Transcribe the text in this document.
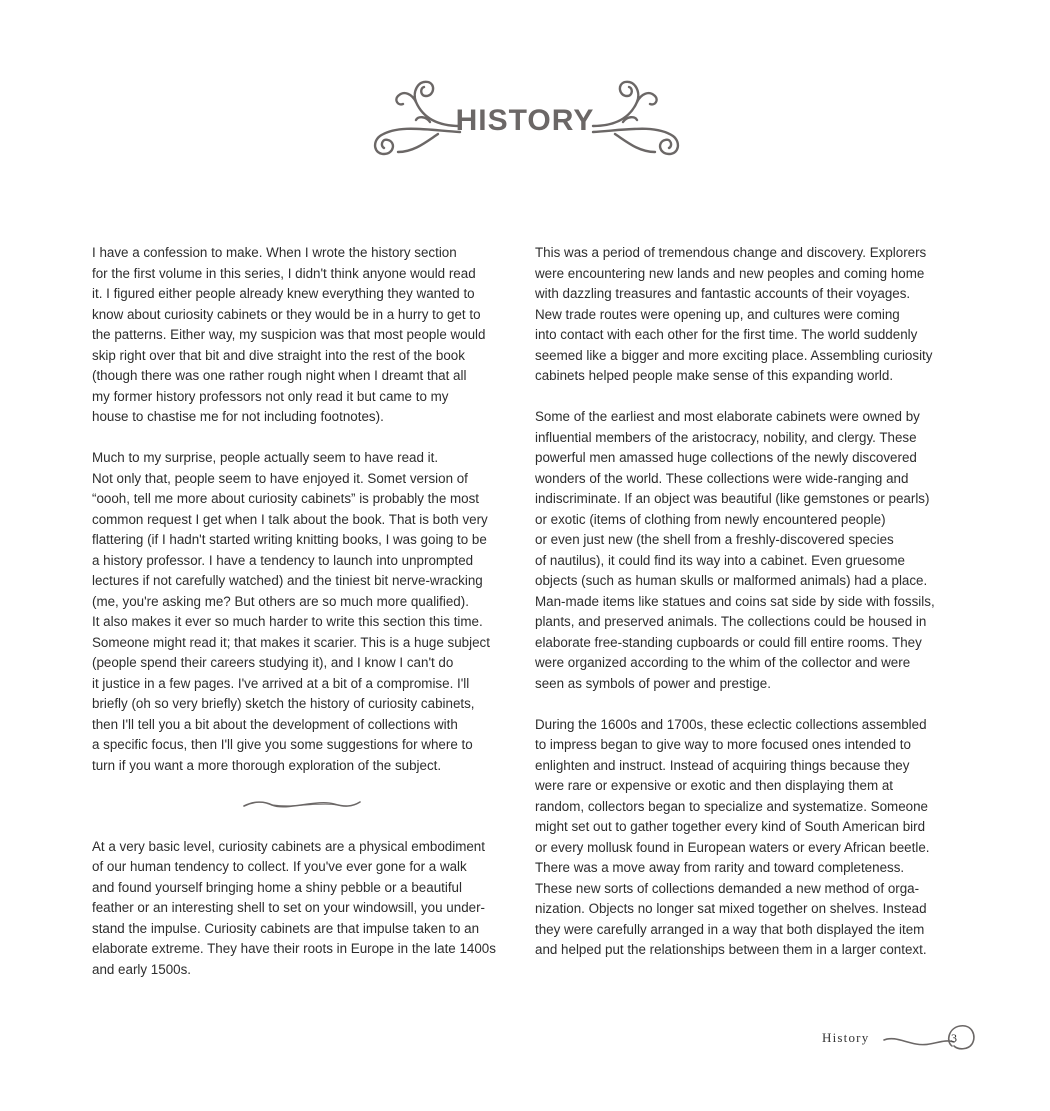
HISTORY

I have a confession to make. When I wrote the history section
for the first volume in this series, I didn't think anyone would read
it. I figured either people already knew everything they wanted to
know about curiosity cabinets or they would be in a hurry to get to
the patterns. Either way, my suspicion was that most people would
skip right over that bit and dive straight into the rest of the book
(though there was one rather rough night when I dreamt that all
my former history professors not only read it but came to my
house to chastise me for not including footnotes).

Much to my surprise, people actually seem to have read it.
Not only that, people seem to have enjoyed it. Somet version of
“oooh, tell me more about curiosity cabinets” is probably the most
common request I get when I talk about the book. That is both very
flattering (if I hadn't started writing knitting books, I was going to be
a history professor. I have a tendency to launch into unprompted
lectures if not carefully watched) and the tiniest bit nerve-wracking
(me, you're asking me? But others are so much more qualified).
It also makes it ever so much harder to write this section this time.
Someone might read it; that makes it scarier. This is a huge subject
(people spend their careers studying it), and I know I can't do
it justice in a few pages. I've arrived at a bit of a compromise. I'll
briefly (oh so very briefly) sketch the history of curiosity cabinets,
then I'll tell you a bit about the development of collections with
a specific focus, then I'll give you some suggestions for where to
turn if you want a more thorough exploration of the subject.

At a very basic level, curiosity cabinets are a physical embodiment
of our human tendency to collect. If you've ever gone for a walk
and found yourself bringing home a shiny pebble or a beautiful
feather or an interesting shell to set on your windowsill, you under-
stand the impulse. Curiosity cabinets are that impulse taken to an
elaborate extreme. They have their roots in Europe in the late 1400s
and early 1500s.

This was a period of tremendous change and discovery. Explorers
were encountering new lands and new peoples and coming home
with dazzling treasures and fantastic accounts of their voyages.
New trade routes were opening up, and cultures were coming
into contact with each other for the first time. The world suddenly
seemed like a bigger and more exciting place. Assembling curiosity
cabinets helped people make sense of this expanding world.

Some of the earliest and most elaborate cabinets were owned by
influential members of the aristocracy, nobility, and clergy. These
powerful men amassed huge collections of the newly discovered
wonders of the world. These collections were wide-ranging and
indiscriminate. If an object was beautiful (like gemstones or pearls)
or exotic (items of clothing from newly encountered people)
or even just new (the shell from a freshly-discovered species
of nautilus), it could find its way into a cabinet. Even gruesome
objects (such as human skulls or malformed animals) had a place.
Man-made items like statues and coins sat side by side with fossils,
plants, and preserved animals. The collections could be housed in
elaborate free-standing cupboards or could fill entire rooms. They
were organized according to the whim of the collector and were
seen as symbols of power and prestige.

During the 1600s and 1700s, these eclectic collections assembled
to impress began to give way to more focused ones intended to
enlighten and instruct. Instead of acquiring things because they
were rare or expensive or exotic and then displaying them at
random, collectors began to specialize and systematize. Someone
might set out to gather together every kind of South American bird
or every mollusk found in European waters or every African beetle.
There was a move away from rarity and toward completeness.
These new sorts of collections demanded a new method of orga-
nization. Objects no longer sat mixed together on shelves. Instead
they were carefully arranged in a way that both displayed the item
and helped put the relationships between them in a larger context.

History	3
